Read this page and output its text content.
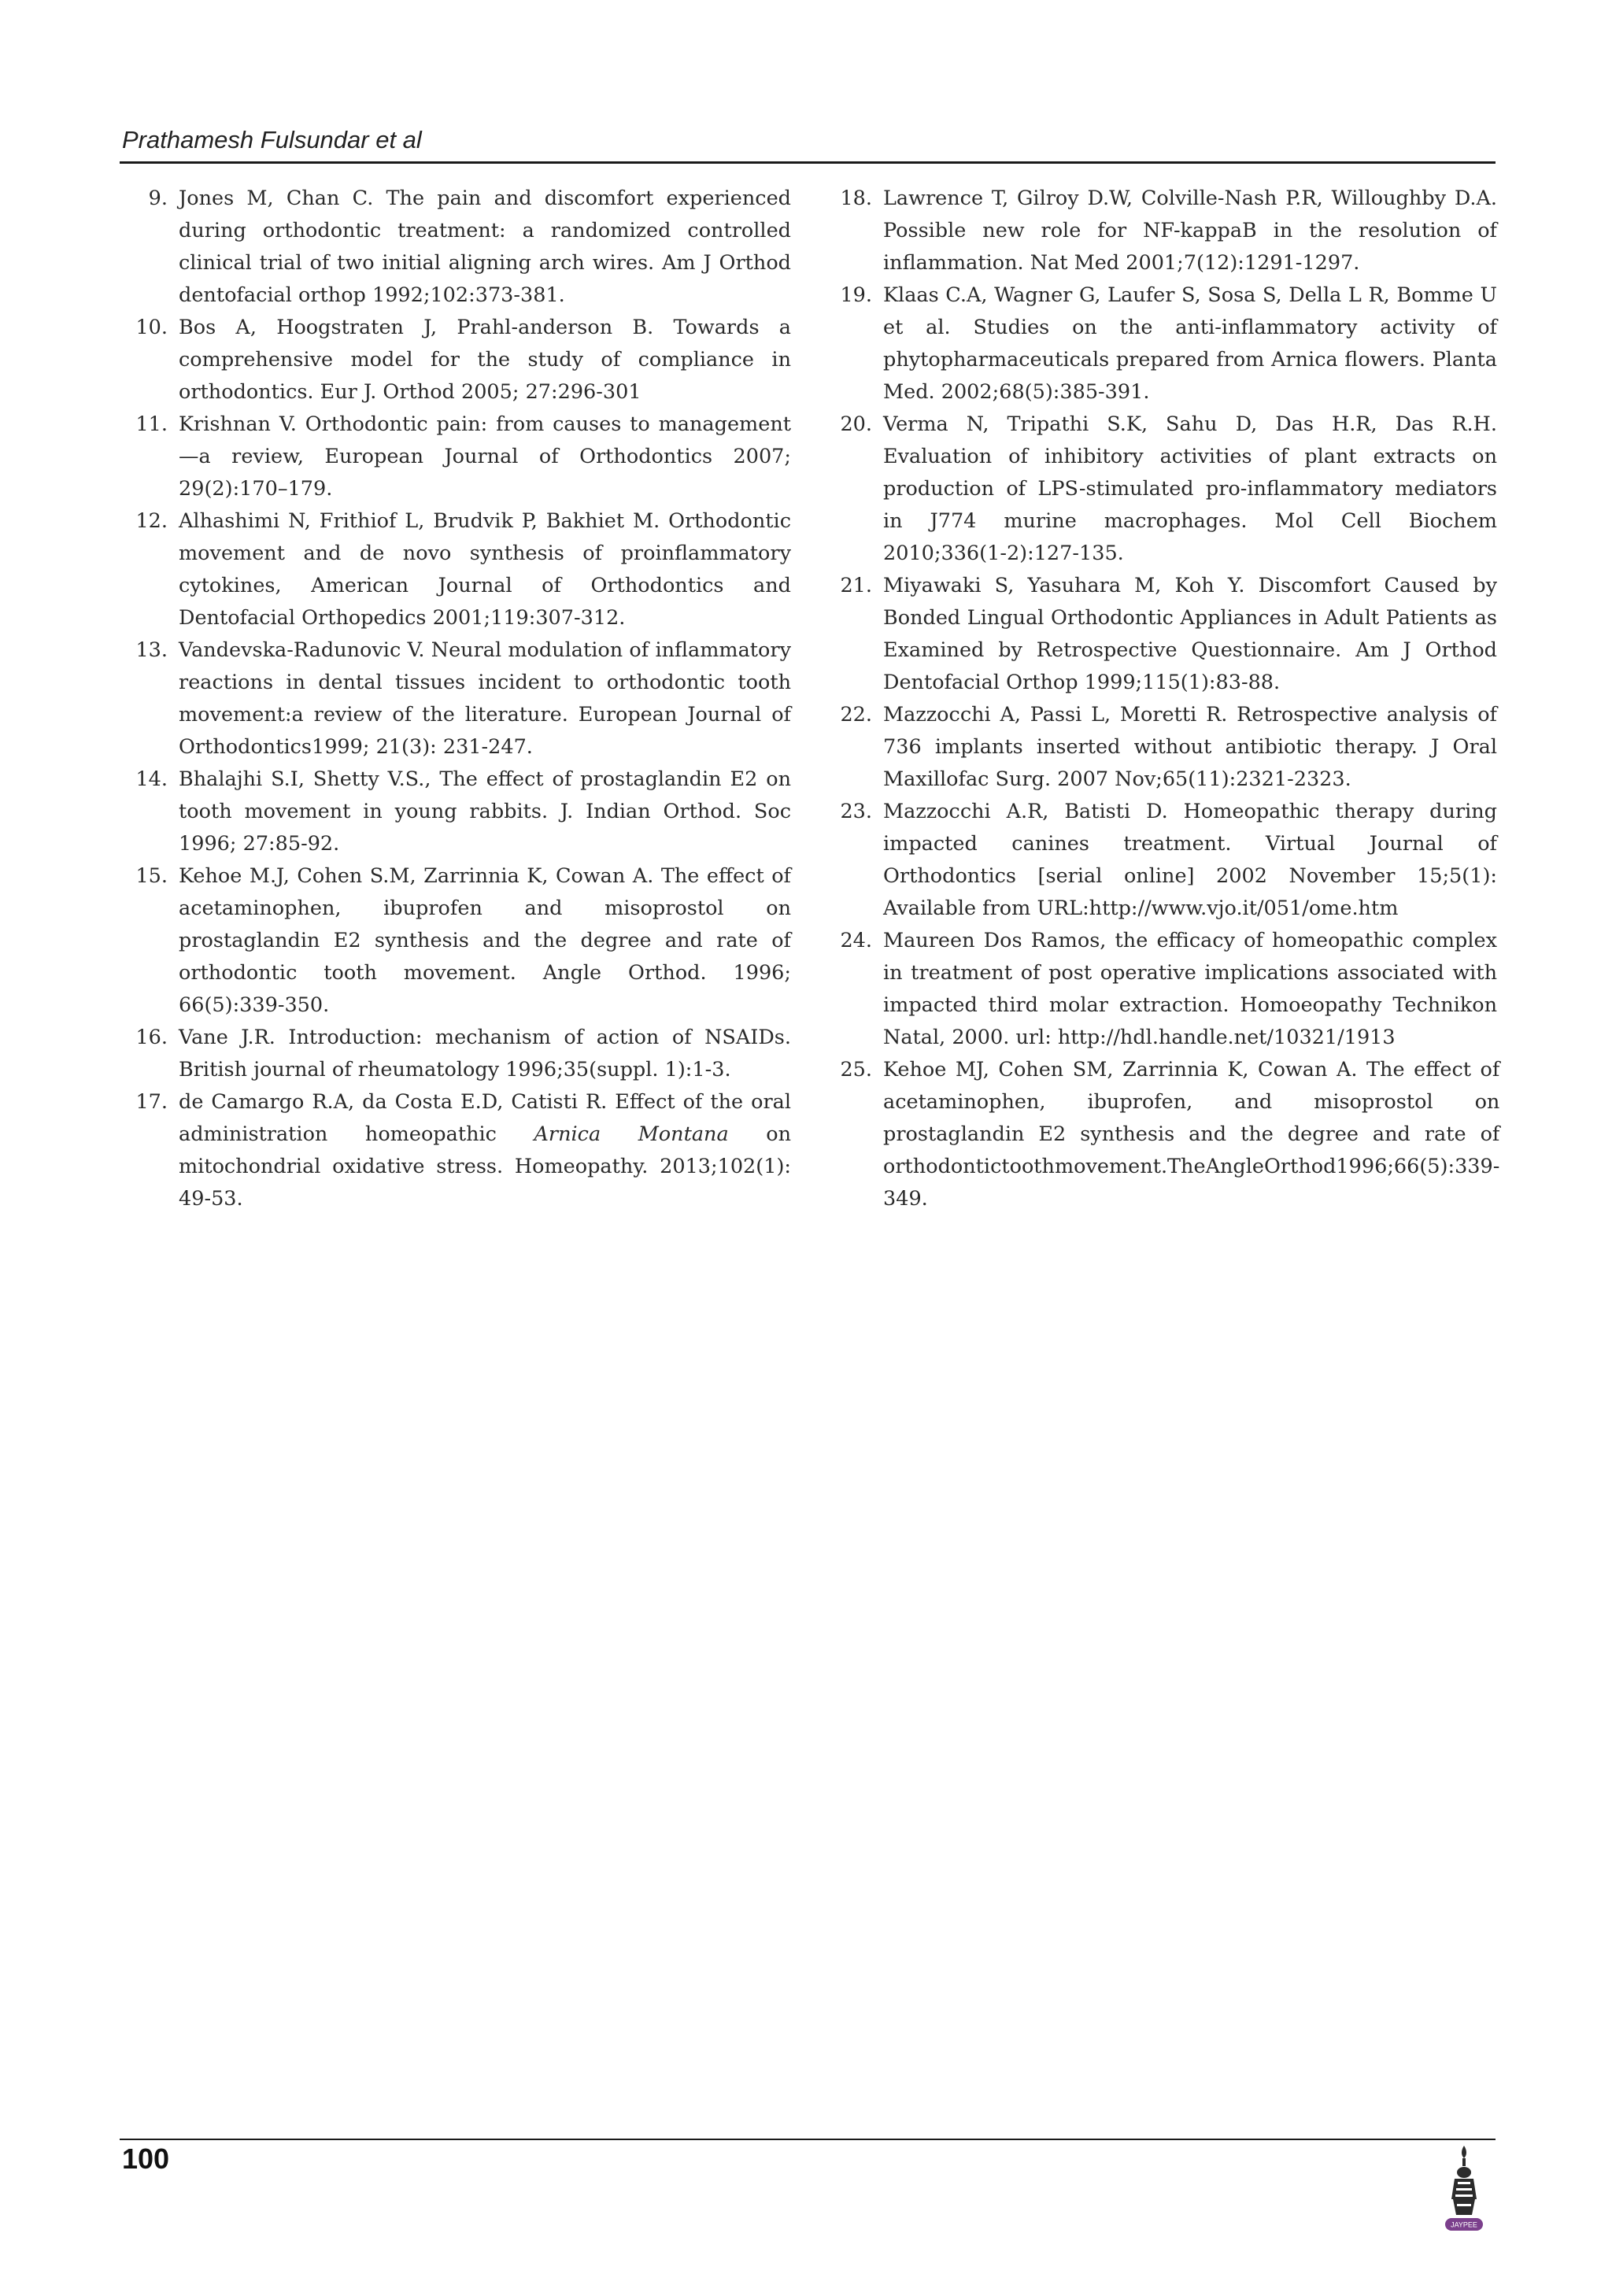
Prathamesh Fulsundar et al
9. Jones M, Chan C. The pain and discomfort experienced during orthodontic treatment: a randomized controlled clinical trial of two initial aligning arch wires. Am J Orthod dentofacial orthop 1992;102:373-381.
10. Bos A, Hoogstraten J, Prahl-anderson B. Towards a comprehensive model for the study of compliance in orthodontics. Eur J. Orthod 2005; 27:296-301
11. Krishnan V. Orthodontic pain: from causes to management—a review, European Journal of Orthodontics 2007; 29(2):170–179.
12. Alhashimi N, Frithiof L, Brudvik P, Bakhiet M. Orthodontic movement and de novo synthesis of proinflammatory cytokines, American Journal of Orthodontics and Dentofacial Orthopedics 2001;119:307-312.
13. Vandevska-Radunovic V. Neural modulation of inflammatory reactions in dental tissues incident to orthodontic tooth movement:a review of the literature. European Journal of Orthodontics1999; 21(3): 231-247.
14. Bhalajhi S.I, Shetty V.S., The effect of prostaglandin E2 on tooth movement in young rabbits. J. Indian Orthod. Soc 1996; 27:85-92.
15. Kehoe M.J, Cohen S.M, Zarrinnia K, Cowan A. The effect of acetaminophen, ibuprofen and misoprostol on prostaglandin E2 synthesis and the degree and rate of orthodontic tooth movement. Angle Orthod. 1996; 66(5):339-350.
16. Vane J.R. Introduction: mechanism of action of NSAIDs. British journal of rheumatology 1996;35(suppl. 1):1-3.
17. de Camargo R.A, da Costa E.D, Catisti R. Effect of the oral administration homeopathic Arnica Montana on mitochondrial oxidative stress. Homeopathy. 2013;102(1): 49-53.
18. Lawrence T, Gilroy D.W, Colville-Nash P.R, Willoughby D.A. Possible new role for NF-kappaB in the resolution of inflammation. Nat Med 2001;7(12):1291-1297.
19. Klaas C.A, Wagner G, Laufer S, Sosa S, Della L R, Bomme U et al. Studies on the anti-inflammatory activity of phytopharmaceuticals prepared from Arnica flowers. Planta Med. 2002;68(5):385-391.
20. Verma N, Tripathi S.K, Sahu D, Das H.R, Das R.H. Evaluation of inhibitory activities of plant extracts on production of LPS-stimulated pro-inflammatory mediators in J774 murine macrophages. Mol Cell Biochem 2010;336(1-2):127-135.
21. Miyawaki S, Yasuhara M, Koh Y. Discomfort Caused by Bonded Lingual Orthodontic Appliances in Adult Patients as Examined by Retrospective Questionnaire. Am J Orthod Dentofacial Orthop 1999;115(1):83-88.
22. Mazzocchi A, Passi L, Moretti R. Retrospective analysis of 736 implants inserted without antibiotic therapy. J Oral Maxillofac Surg. 2007 Nov;65(11):2321-2323.
23. Mazzocchi A.R, Batisti D. Homeopathic therapy during impacted canines treatment. Virtual Journal of Orthodontics [serial online] 2002 November 15;5(1): Available from URL:http://www.vjo.it/051/ome.htm
24. Maureen Dos Ramos, the efficacy of homeopathic complex in treatment of post operative implications associated with impacted third molar extraction. Homoeopathy Technikon Natal, 2000. url: http://hdl.handle.net/10321/1913
25. Kehoe MJ, Cohen SM, Zarrinnia K, Cowan A. The effect of acetaminophen, ibuprofen, and misoprostol on prostaglandin E2 synthesis and the degree and rate of orthodontictoothmovement.TheAngleOrthod1996;66(5):339-349.
100
JAYPEE
